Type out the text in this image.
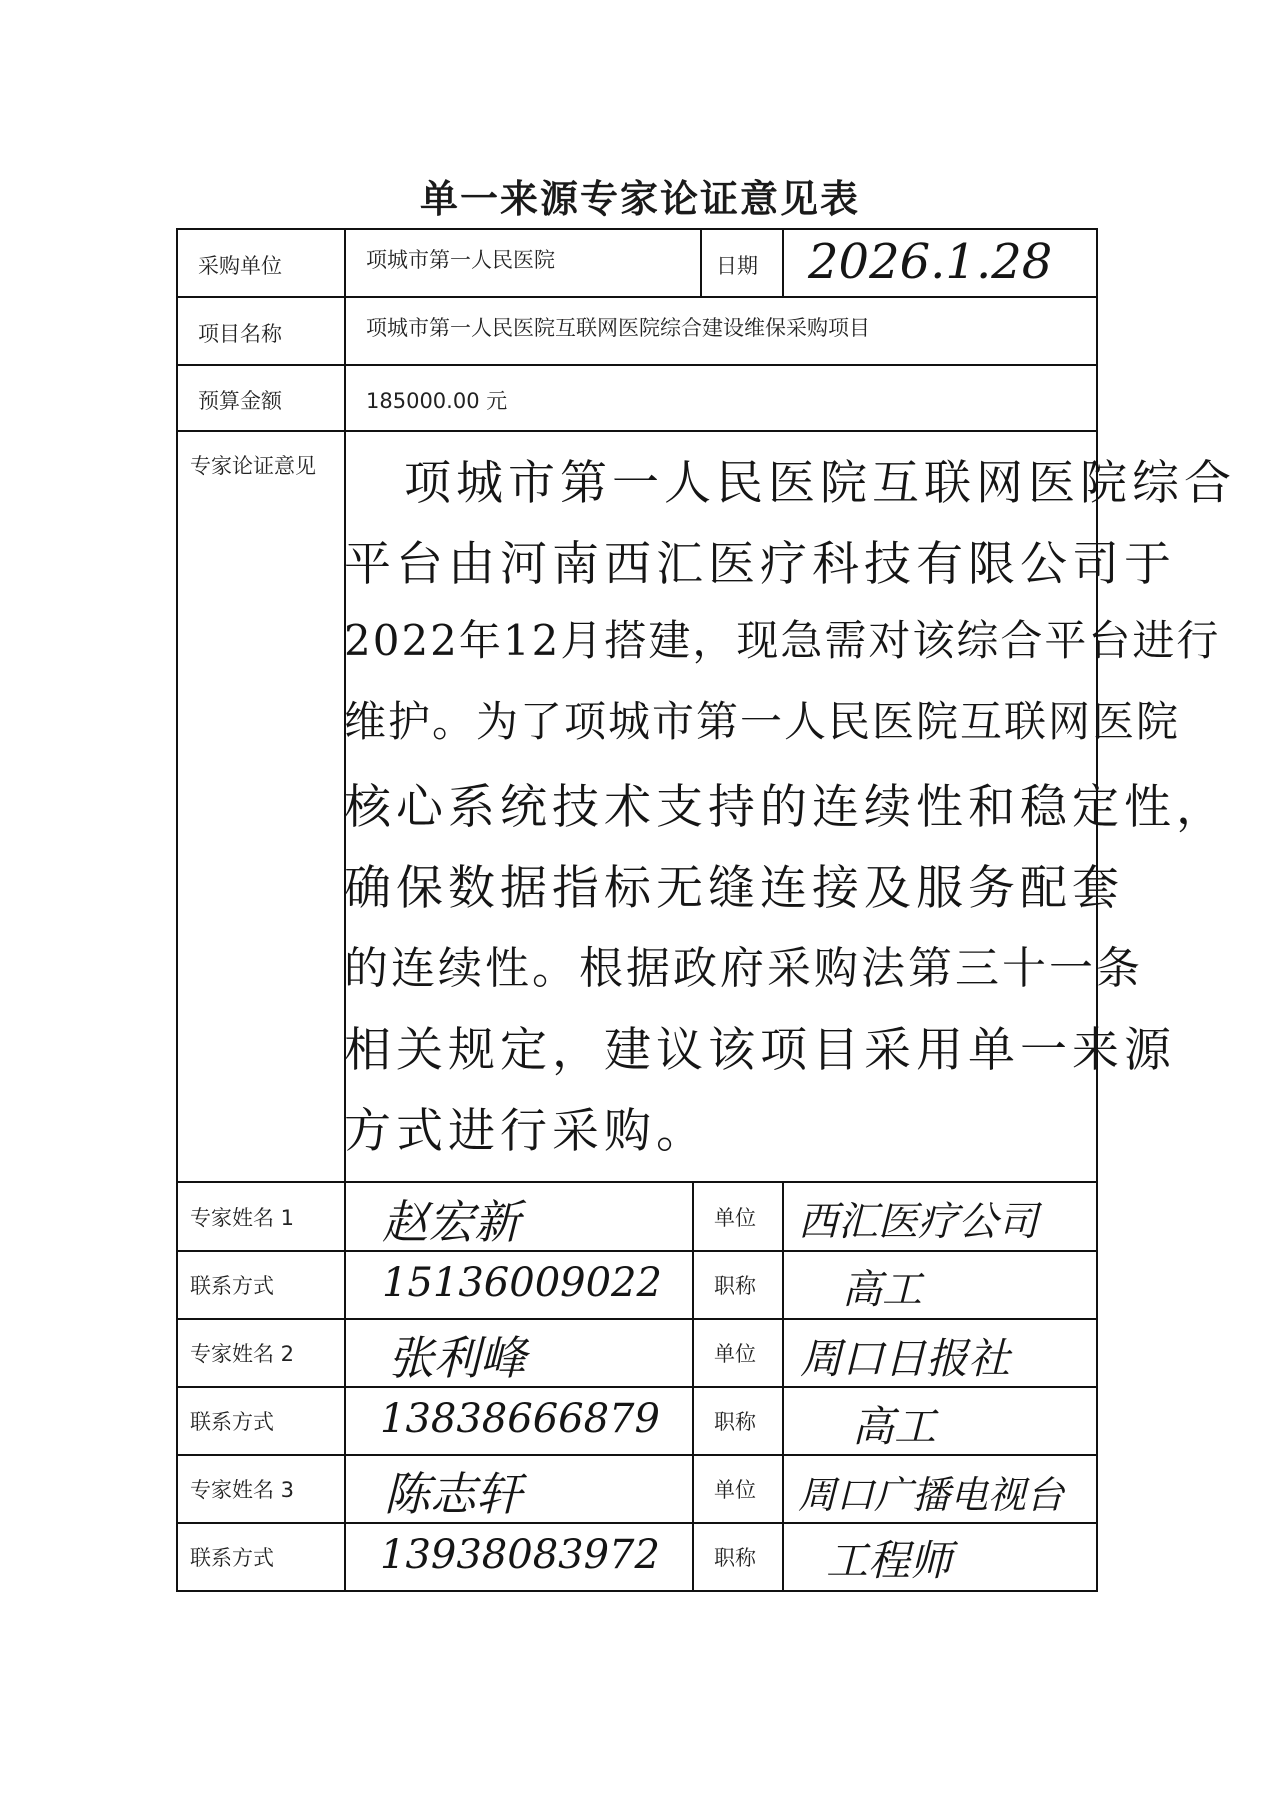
单一来源专家论证意见表
采购单位	项城市第一人民医院	日期 2026.1.28
项目名称	项城市第一人民医院互联网医院综合建设维保采购项目
预算金额	185000.00 元
专家论证意见 项城市第一人民医院互联网医院综合
平台由河南西汇医疗科技有限公司于
2022年12月搭建，现急需对该综合平台进行
维护。为了项城市第一人民医院互联网医院
核心系统技术支持的连续性和稳定性，
确保数据指标无缝连接及服务配套
的连续性。根据政府采购法第三十一条
相关规定，建议该项目采用单一来源
方式进行采购。
专家姓名 1 赵宏新	单位 西汇医疗公司
联系方式	15136009022 职称 高工
专家姓名 2 张利峰	单位 周口日报社
联系方式	13838666879	职称 高工
专家姓名 3 陈志轩	单位 周口广播电视台
联系方式	13938083972	职称 工程师
